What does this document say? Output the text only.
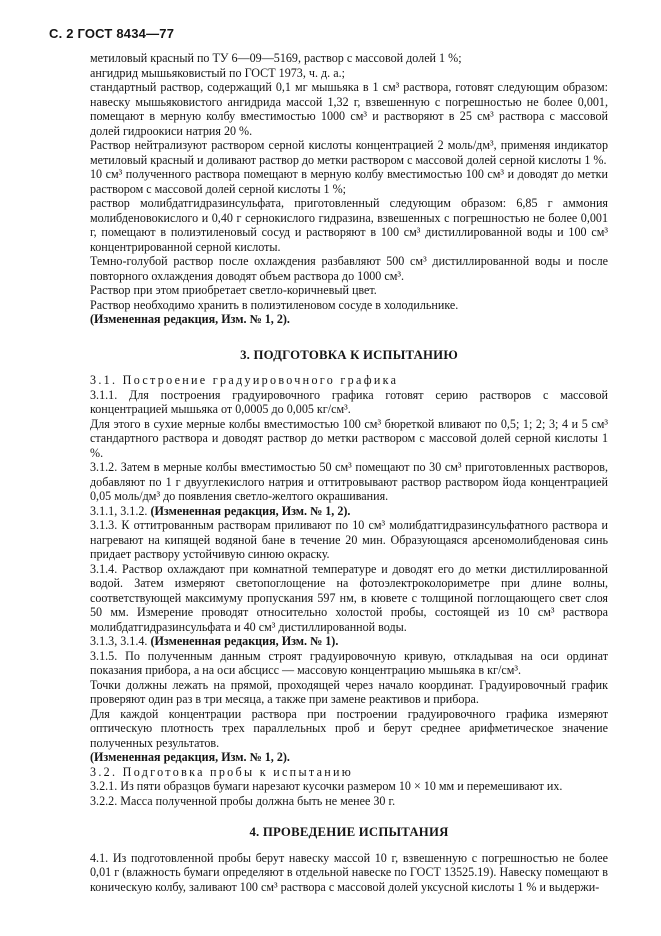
С. 2 ГОСТ 8434—77

метиловый красный по ТУ 6—09—5169, раствор с массовой долей 1 %;

ангидрид мышьяковистый по ГОСТ 1973, ч. д. а.;

стандартный раствор, содержащий 0,1 мг мышьяка в 1 см³ раствора, готовят следующим образом: навеску мышьяковистого ангидрида массой 1,32 г, взвешенную с погрешностью не более 0,001, помещают в мерную колбу вместимостью 1000 см³ и растворяют в 25 см³ раствора с массовой долей гидроокиси натрия 20 %.

Раствор нейтрализуют раствором серной кислоты концентрацией 2 моль/дм³, применяя индикатор метиловый красный и доливают раствор до метки раствором с массовой долей серной кислоты 1 %.

10 см³ полученного раствора помещают в мерную колбу вместимостью 100 см³ и доводят до метки раствором с массовой долей серной кислоты 1 %;

раствор молибдатгидразинсульфата, приготовленный следующим образом: 6,85 г аммония молибденовокислого и 0,40 г сернокислого гидразина, взвешенных с погрешностью не более 0,001 г, помещают в полиэтиленовый сосуд и растворяют в 100 см³ дистиллированной воды и 100 см³ концентрированной серной кислоты.

Темно-голубой раствор после охлаждения разбавляют 500 см³ дистиллированной воды и после повторного охлаждения доводят объем раствора до 1000 см³.

Раствор при этом приобретает светло-коричневый цвет.

Раствор необходимо хранить в полиэтиленовом сосуде в холодильнике.

(Измененная редакция, Изм. № 1, 2).

3. ПОДГОТОВКА К ИСПЫТАНИЮ

3.1. Построение градуировочного графика

3.1.1. Для построения градуировочного графика готовят серию растворов с массовой концентрацией мышьяка от 0,0005 до 0,005 кг/см³.

Для этого в сухие мерные колбы вместимостью 100 см³ бюреткой вливают по 0,5; 1; 2; 3; 4 и 5 см³ стандартного раствора и доводят раствор до метки раствором с массовой долей серной кислоты 1 %.

3.1.2. Затем в мерные колбы вместимостью 50 см³ помещают по 30 см³ приготовленных растворов, добавляют по 1 г двууглекислого натрия и оттитровывают раствор раствором йода концентрацией 0,05 моль/дм³ до появления светло-желтого окрашивания.

3.1.1, 3.1.2. (Измененная редакция, Изм. № 1, 2).

3.1.3. К оттитрованным растворам приливают по 10 см³ молибдатгидразинсульфатного раствора и нагревают на кипящей водяной бане в течение 20 мин. Образующаяся арсеномолибденовая синь придает раствору устойчивую синюю окраску.

3.1.4. Раствор охлаждают при комнатной температуре и доводят его до метки дистиллированной водой. Затем измеряют светопоглощение на фотоэлектроколориметре при длине волны, соответствующей максимуму пропускания 597 нм, в кювете с толщиной поглощающего свет слоя 50 мм. Измерение проводят относительно холостой пробы, состоящей из 10 см³ раствора молибдатгидразинсульфата и 40 см³ дистиллированной воды.

3.1.3, 3.1.4. (Измененная редакция, Изм. № 1).

3.1.5. По полученным данным строят градуировочную кривую, откладывая на оси ординат показания прибора, а на оси абсцисс — массовую концентрацию мышьяка в кг/см³.

Точки должны лежать на прямой, проходящей через начало координат. Градуировочный график проверяют один раз в три месяца, а также при замене реактивов и прибора.

Для каждой концентрации раствора при построении градуировочного графика измеряют оптическую плотность трех параллельных проб и берут среднее арифметическое значение полученных результатов.

(Измененная редакция, Изм. № 1, 2).

3.2. Подготовка пробы к испытанию

3.2.1. Из пяти образцов бумаги нарезают кусочки размером 10 × 10 мм и перемешивают их.

3.2.2. Масса полученной пробы должна быть не менее 30 г.

4. ПРОВЕДЕНИЕ ИСПЫТАНИЯ

4.1. Из подготовленной пробы берут навеску массой 10 г, взвешенную с погрешностью не более 0,01 г (влажность бумаги определяют в отдельной навеске по ГОСТ 13525.19). Навеску помещают в коническую колбу, заливают 100 см³ раствора с массовой долей уксусной кислоты 1 % и выдержи-
